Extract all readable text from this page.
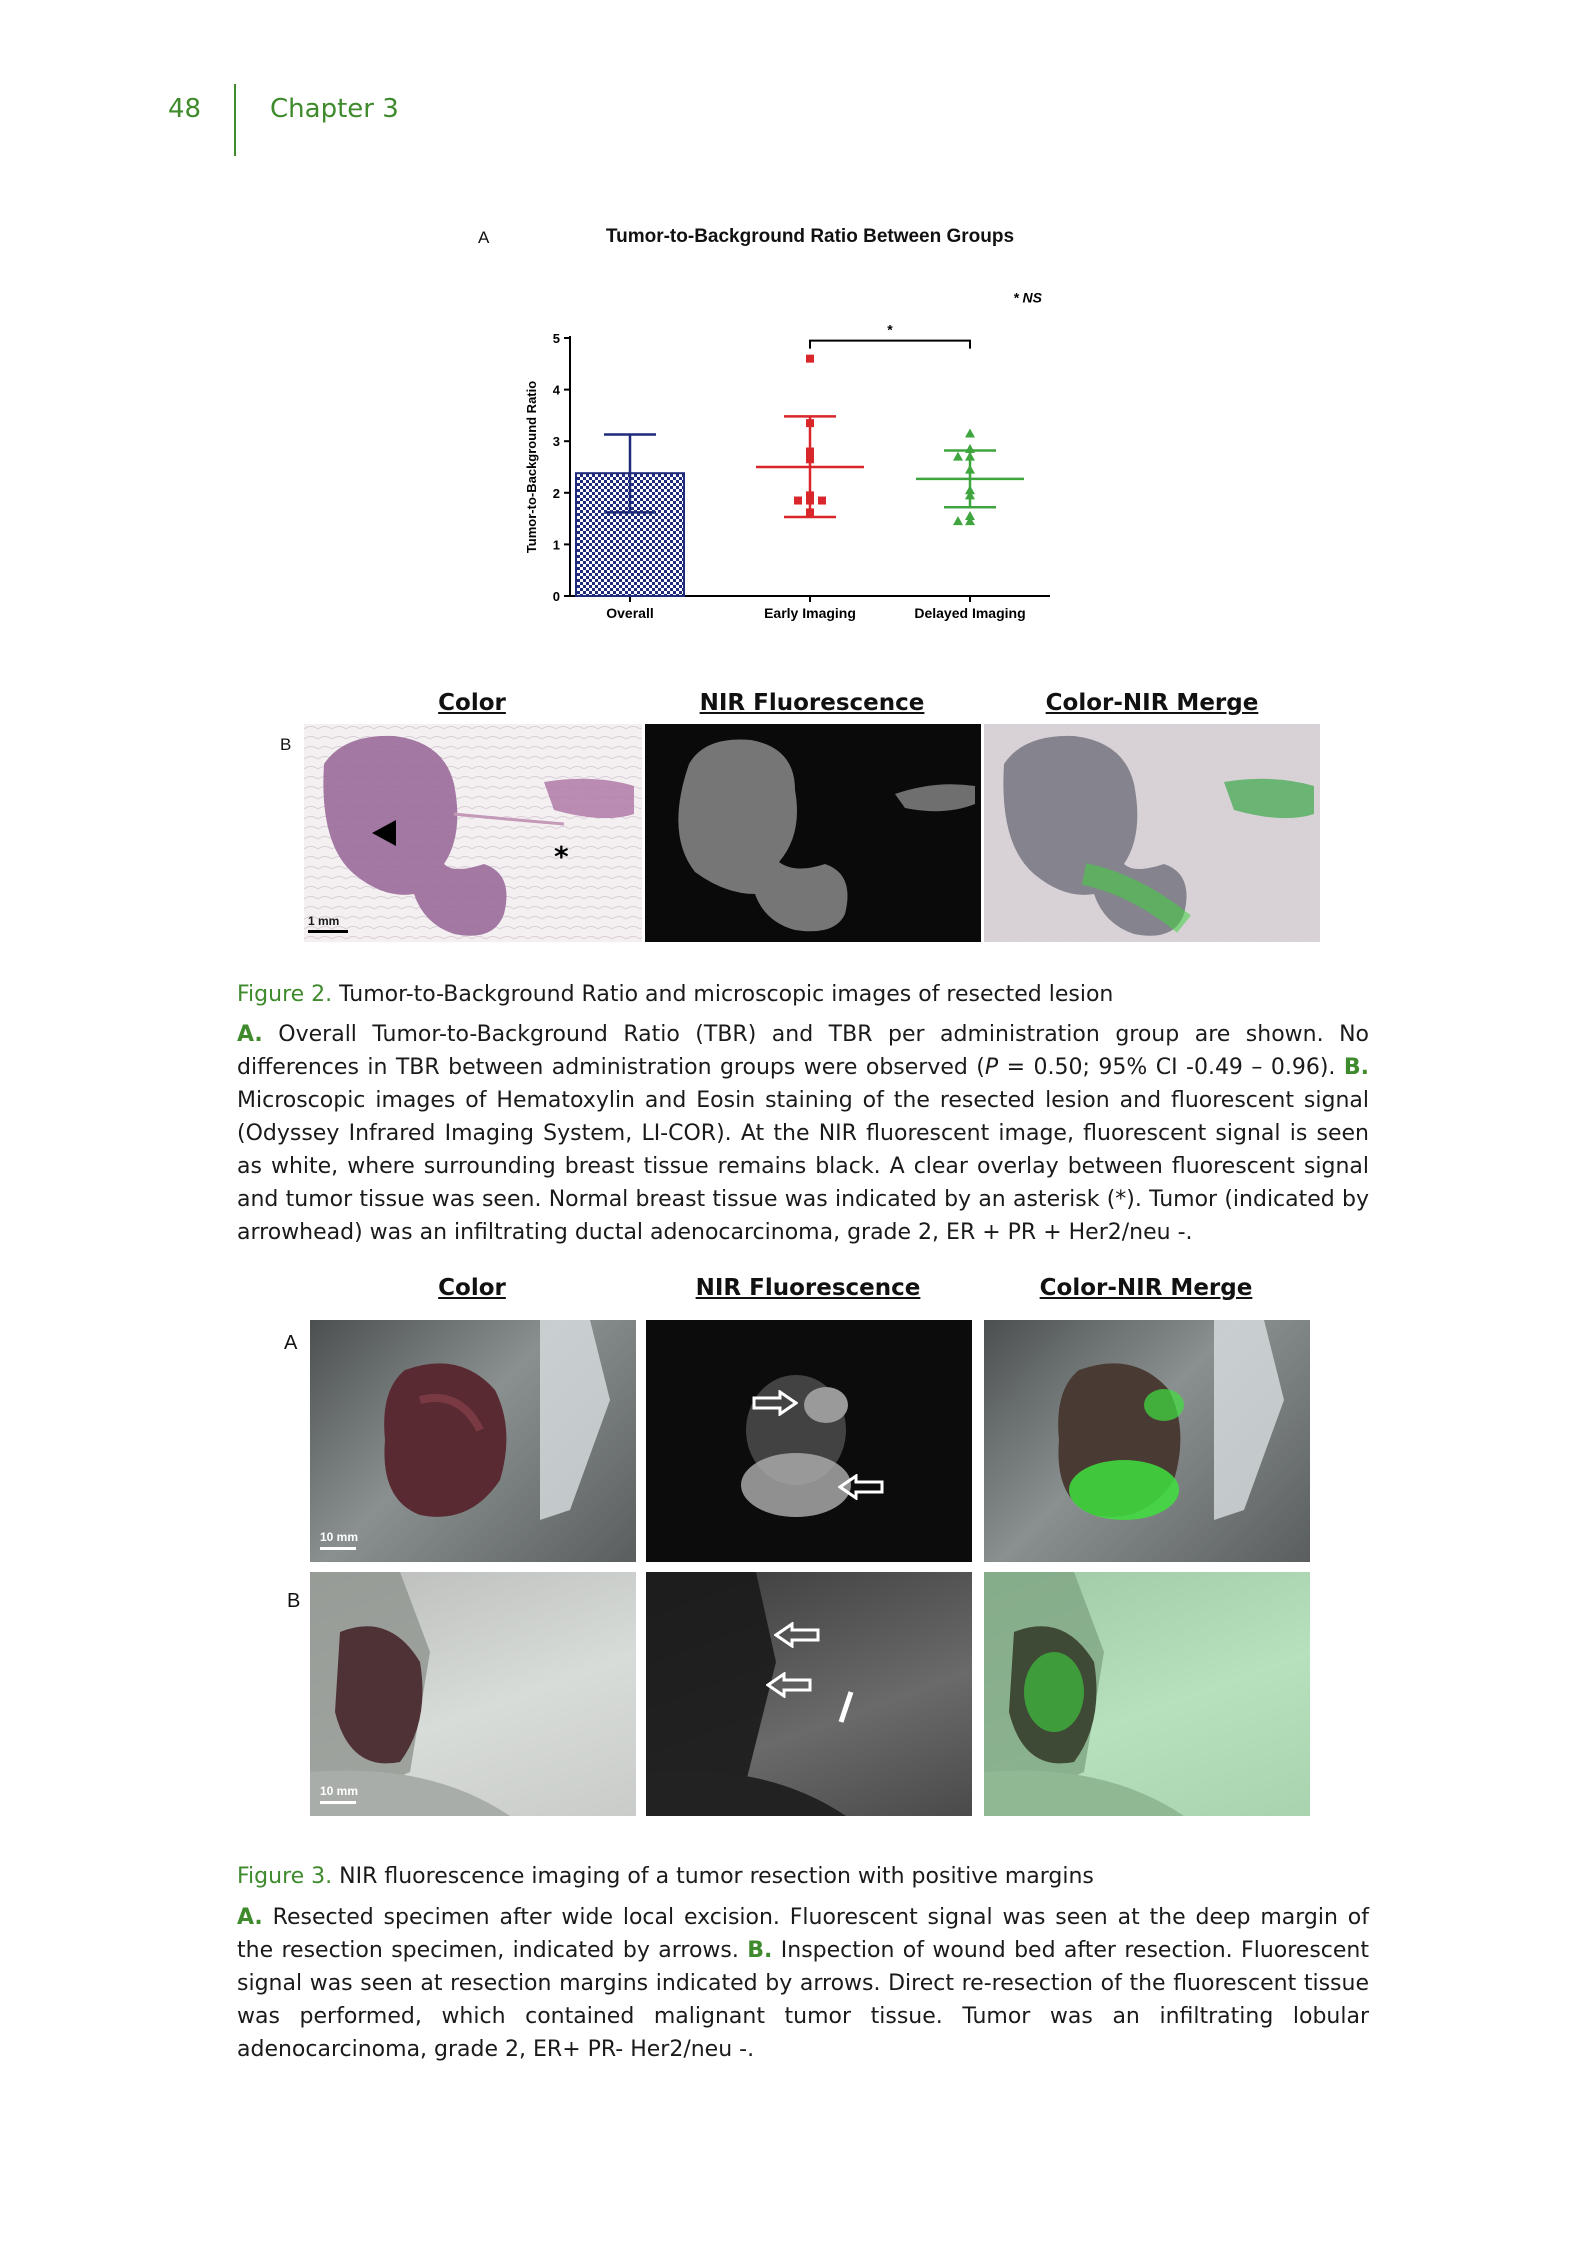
48	Chapter 3
A	Tumor-to-Background Ratio Between Groups
0
1
2
3
4
5
Tumor-to-Background Ratio
Overall	Early Imaging	Delayed Imaging
*
* NS
Color	NIR Fluorescence	Color-NIR Merge
B
*
1 mm
Figure 2. Tumor-to-Background Ratio and microscopic images of resected lesion
A. Overall Tumor-to-Background Ratio (TBR) and TBR per administration group are shown. No differences in TBR between administration groups were observed (P = 0.50; 95% CI -0.49 – 0.96). B. Microscopic images of Hematoxylin and Eosin staining of the resected lesion and fluorescent signal (Odyssey Infrared Imaging System, LI-COR). At the NIR fluorescent image, fluorescent signal is seen as white, where surrounding breast tissue remains black. A clear overlay between fluorescent signal and tumor tissue was seen. Normal breast tissue was indicated by an asterisk (*). Tumor (indicated by arrowhead) was an infiltrating ductal adenocarcinoma, grade 2, ER + PR + Her2/neu -.
Color	NIR Fluorescence	Color-NIR Merge
A
B
10 mm
10 mm
Figure 3. NIR fluorescence imaging of a tumor resection with positive margins
A. Resected specimen after wide local excision. Fluorescent signal was seen at the deep margin of the resection specimen, indicated by arrows. B. Inspection of wound bed after resection. Fluorescent signal was seen at resection margins indicated by arrows. Direct re-resection of the fluorescent tissue was performed, which contained malignant tumor tissue. Tumor was an infiltrating lobular adenocarcinoma, grade 2, ER+ PR- Her2/neu -.
